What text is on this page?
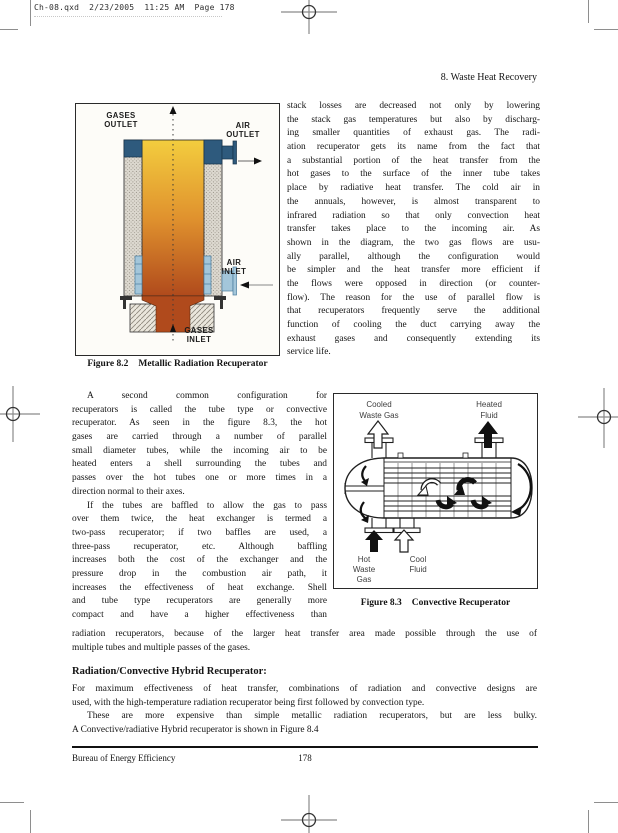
Ch-08.qxd  2/23/2005  11:25 AM  Page 178
8. Waste Heat Recovery
GASES
OUTLET	AIR
OUTLET
AIR
INLET
GASES
INLET
Figure 8.2 Metallic Radiation Recuperator
stack losses are decreased not only by lowering
the stack gas temperatures but also by discharg-
ing smaller quantities of exhaust gas. The radi-
ation recuperator gets its name from the fact that
a substantial portion of the heat transfer from the
hot gases to the surface of the inner tube takes
place by radiative heat transfer. The cold air in
the annuals, however, is almost transparent to
infrared radiation so that only convection heat
transfer takes place to the incoming air. As
shown in the diagram, the two gas flows are usu-
ally parallel, although the configuration would
be simpler and the heat transfer more efficient if
the flows were opposed in direction (or counter-
flow). The reason for the use of parallel flow is
that recuperators frequently serve the additional
function of cooling the duct carrying away the
exhaust gases and consequently extending its
service life.
A second common configuration for
recuperators is called the tube type or convective
recuperator. As seen in the figure 8.3, the hot
gases are carried through a number of parallel
small diameter tubes, while the incoming air to be
heated enters a shell surrounding the tubes and
passes over the hot tubes one or more times in a
direction normal to their axes.
If the tubes are baffled to allow the gas to pass
over them twice, the heat exchanger is termed a
two-pass recuperator; if two baffles are used, a
three-pass recuperator, etc. Although baffling
increases both the cost of the exchanger and the
pressure drop in the combustion air path, it
increases the effectiveness of heat exchange. Shell
and tube type recuperators are generally more
compact and have a higher effectiveness than
Cooled
Waste Gas
Heated
Fluid
Hot
Waste
Gas
Cool
Fluid
Figure 8.3 Convective Recuperator
radiation recuperators, because of the larger heat transfer area made possible through the use of
multiple tubes and multiple passes of the gases.
Radiation/Convective Hybrid Recuperator:
For maximum effectiveness of heat transfer, combinations of radiation and convective designs are
used, with the high-temperature radiation recuperator being first followed by convection type.
These are more expensive than simple metallic radiation recuperators, but are less bulky.
A Convective/radiative Hybrid recuperator is shown in Figure 8.4
Bureau of Energy Efficiency	178
